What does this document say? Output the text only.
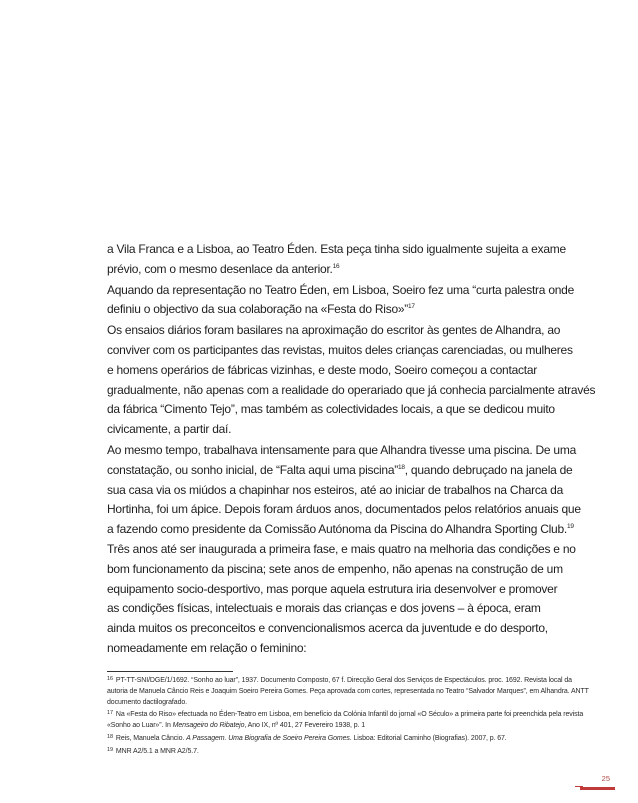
a Vila Franca e a Lisboa, ao Teatro Éden. Esta peça tinha sido igualmente sujeita a exame
prévio, com o mesmo desenlace da anterior.$^{16}$

Aquando da representação no Teatro Éden, em Lisboa, Soeiro fez uma “curta palestra onde
definiu o objectivo da sua colaboração na «Festa do Riso»”$^{17}$

Os ensaios diários foram basilares na aproximação do escritor às gentes de Alhandra, ao
conviver com os participantes das revistas, muitos deles crianças carenciadas, ou mulheres
e homens operários de fábricas vizinhas, e deste modo, Soeiro começou a contactar
gradualmente, não apenas com a realidade do operariado que já conhecia parcialmente através
da fábrica “Cimento Tejo”, mas também as colectividades locais, a que se dedicou muito
civicamente, a partir daí.

Ao mesmo tempo, trabalhava intensamente para que Alhandra tivesse uma piscina. De uma
constatação, ou sonho inicial, de “Falta aqui uma piscina”$^{18}$, quando debruçado na janela de
sua casa via os miúdos a chapinhar nos esteiros, até ao iniciar de trabalhos na Charca da
Hortinha, foi um ápice. Depois foram árduos anos, documentados pelos relatórios anuais que
a fazendo como presidente da Comissão Autónoma da Piscina do Alhandra Sporting Club.$^{19}$
Três anos até ser inaugurada a primeira fase, e mais quatro na melhoria das condições e no
bom funcionamento da piscina; sete anos de empenho, não apenas na construção de um
equipamento socio-desportivo, mas porque aquela estrutura iria desenvolver e promover
as condições físicas, intelectuais e morais das crianças e dos jovens – à época, eram
ainda muitos os preconceitos e convencionalismos acerca da juventude e do desporto,
nomeadamente em relação o feminino:

$^{16}$ PT-TT-SNI/DGE/1/1692. “Sonho ao luar”, 1937. Documento Composto, 67 f. Direcção Geral dos Serviços de Espectáculos. proc. 1692. Revista local da
autoria de Manuela Câncio Reis e Joaquim Soeiro Pereira Gomes. Peça aprovada com cortes, representada no Teatro “Salvador Marques”, em Alhandra. ANTT
documento dactilografado.
$^{17}$ Na «Festa do Riso» efectuada no Éden-Teatro em Lisboa, em benefício da Colónia Infantil do jornal «O Século» a primeira parte foi preenchida pela revista
«Sonho ao Luar»”. In Mensageiro do Ribatejo, Ano IX, nº 401, 27 Fevereiro 1938, p. 1
$^{18}$ Reis, Manuela Câncio. A Passagem. Uma Biografia de Soeiro Pereira Gomes. Lisboa: Editorial Caminho (Biografias). 2007, p. 67.
$^{19}$ MNR A2/5.1 a MNR A2/5.7.
25
